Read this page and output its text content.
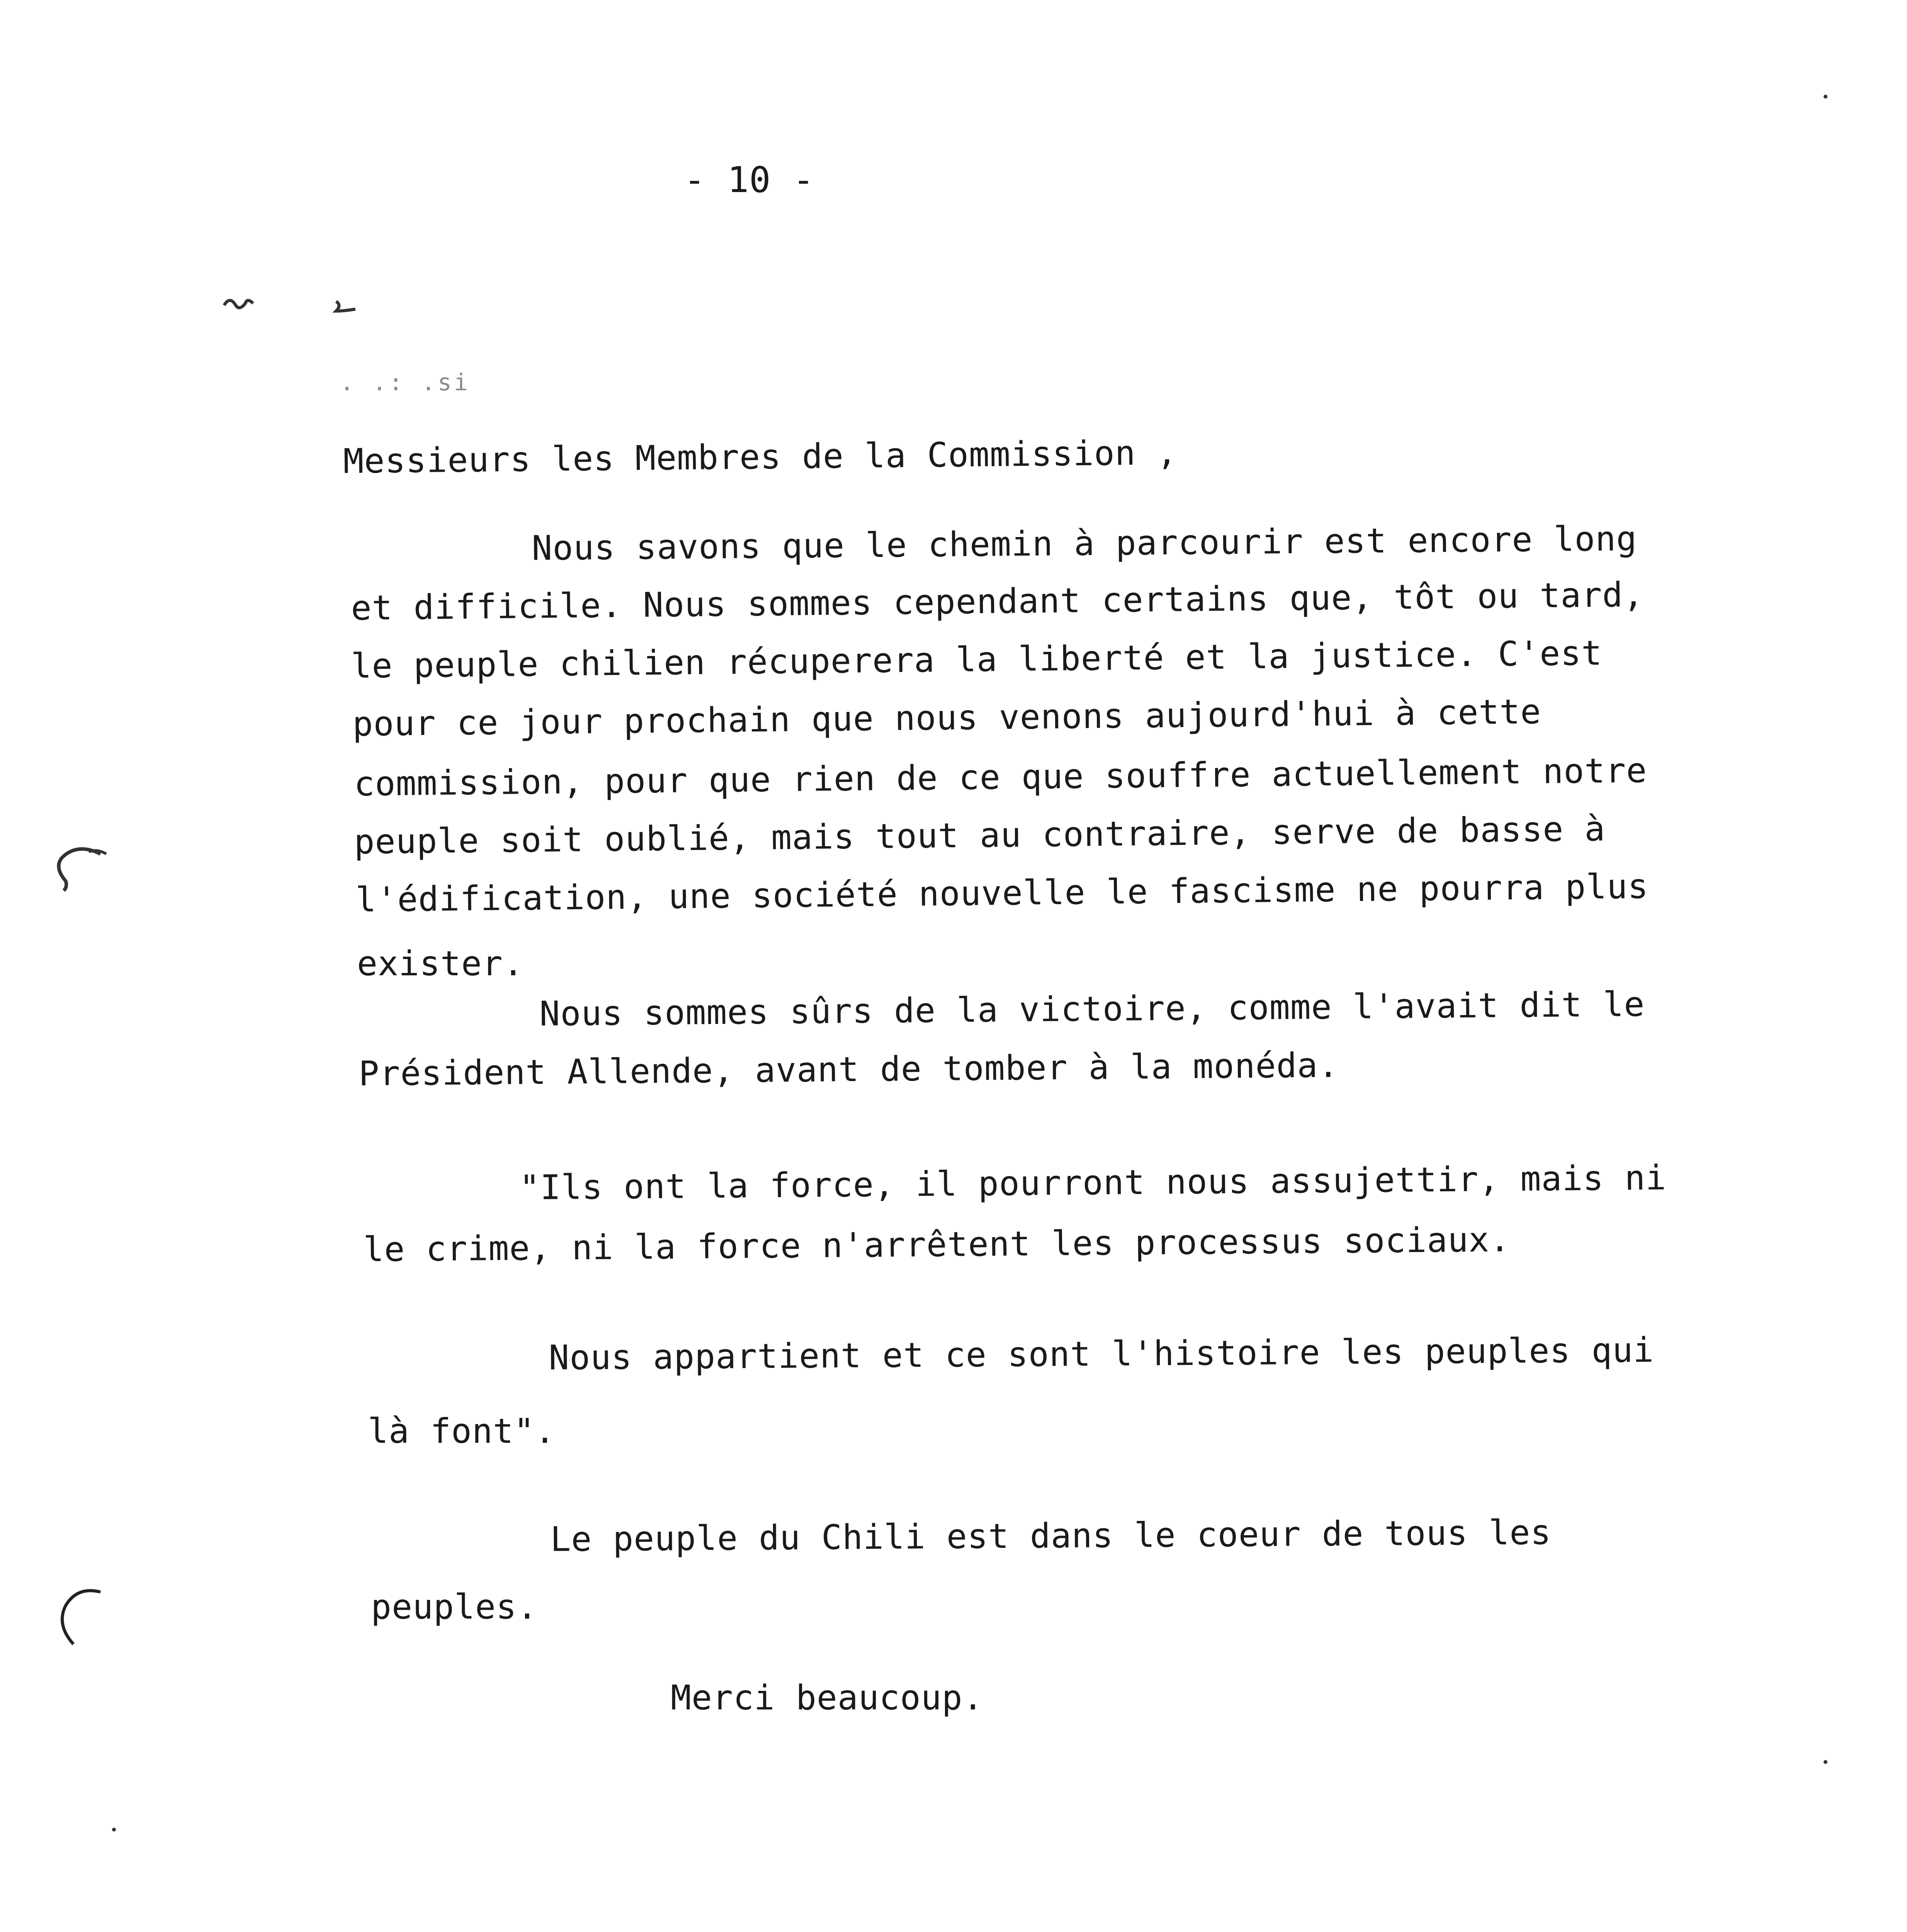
- 10 -
. .: .si
Messieurs les Membres de la Commission ,
Nous savons que le chemin à parcourir est encore long
et difficile. Nous sommes cependant certains que, tôt ou tard,
le peuple chilien récuperera la liberté et la justice. C'est
pour ce jour prochain que nous venons aujourd'hui à cette
commission, pour que rien de ce que souffre actuellement notre
peuple soit oublié, mais tout au contraire, serve de basse à
l'édification, une société nouvelle le fascisme ne pourra plus
exister.
Nous sommes sûrs de la victoire, comme l'avait dit le
Président Allende, avant de tomber à la monéda.
"Ils ont la force, il pourront nous assujettir, mais ni
le crime, ni la force n'arrêtent les processus sociaux.
Nous appartient et ce sont l'histoire les peuples qui
là font".
Le peuple du Chili est dans le coeur de tous les
peuples.
Merci beaucoup.
